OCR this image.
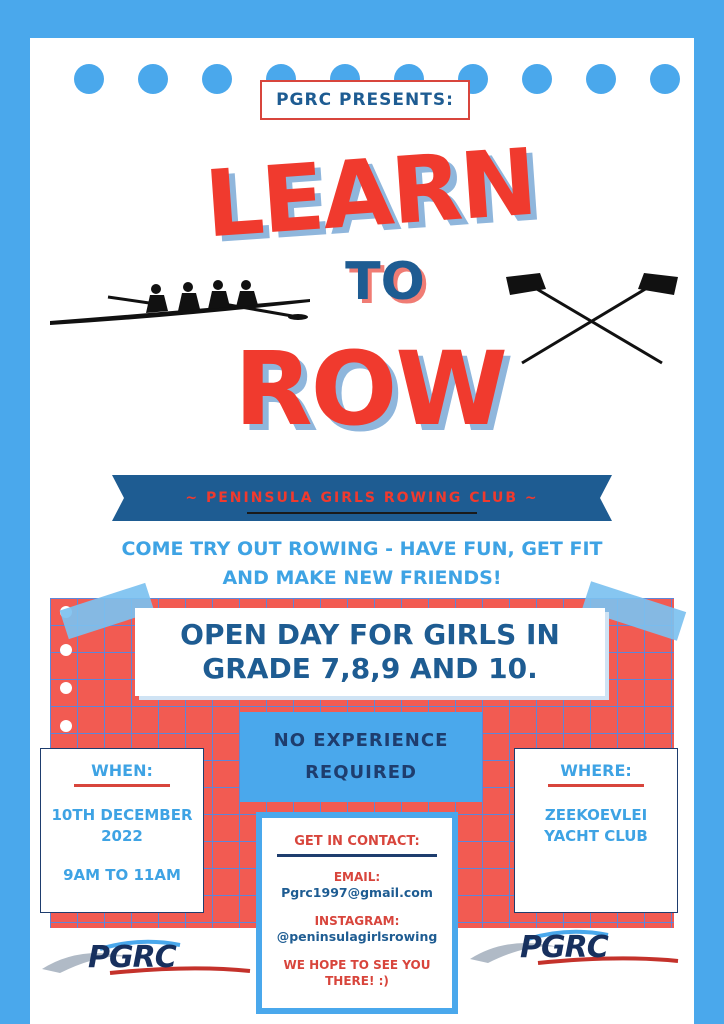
PGRC PRESENTS:
LEARN
TO
ROW
~ PENINSULA GIRLS ROWING CLUB ~
COME TRY OUT ROWING - HAVE FUN, GET FIT
AND MAKE NEW FRIENDS!
OPEN DAY FOR GIRLS IN
GRADE 7,8,9 AND 10.
NO EXPERIENCE
REQUIRED
WHEN:
10TH DECEMBER 2022
9AM TO 11AM
WHERE:
ZEEKOEVLEI YACHT CLUB
GET IN CONTACT:
EMAIL:
Pgrc1997@gmail.com
INSTAGRAM:
@peninsulagirlsrowing
WE HOPE TO SEE YOU THERE! :)
PGRC	PGRC
